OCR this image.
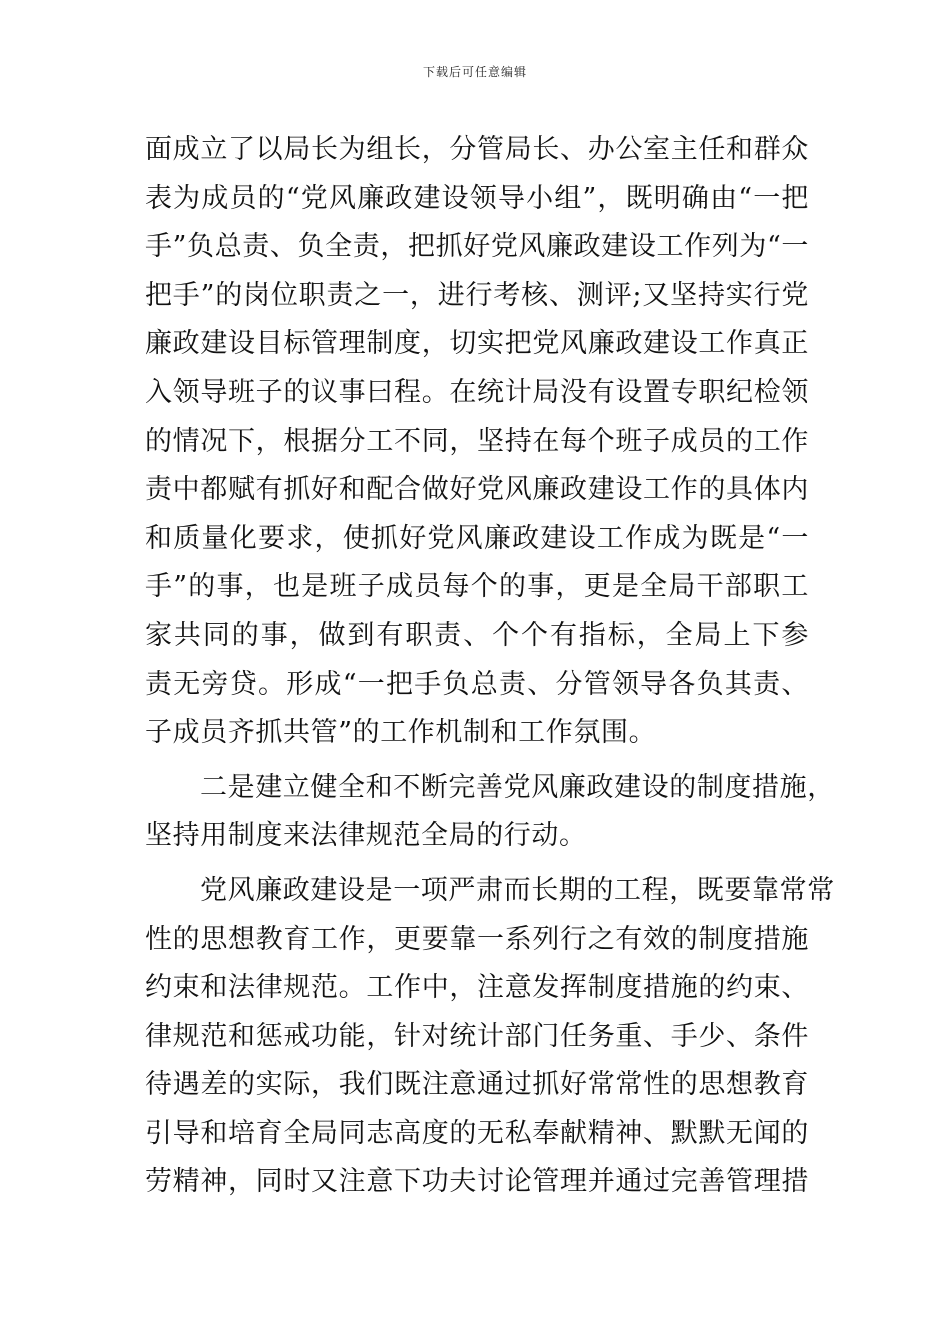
下载后可任意编辑
面成立了以局长为组长，分管局长、办公室主任和群众
表为成员的“党风廉政建设领导小组”，既明确由“一把
手”负总责、负全责，把抓好党风廉政建设工作列为“一
把手”的岗位职责之一，进行考核、测评;又坚持实行党
廉政建设目标管理制度，切实把党风廉政建设工作真正
入领导班子的议事曰程。在统计局没有设置专职纪检领
的情况下，根据分工不同，坚持在每个班子成员的工作
责中都赋有抓好和配合做好党风廉政建设工作的具体内
和质量化要求，使抓好党风廉政建设工作成为既是“一
手”的事，也是班子成员每个的事，更是全局干部职工
家共同的事，做到有职责、个个有指标，全局上下参
责无旁贷。形成“一把手负总责、分管领导各负其责、
子成员齐抓共管”的工作机制和工作氛围。
二是建立健全和不断完善党风廉政建设的制度措施，
坚持用制度来法律规范全局的行动。
党风廉政建设是一项严肃而长期的工程，既要靠常常
性的思想教育工作，更要靠一系列行之有效的制度措施
约束和法律规范。工作中，注意发挥制度措施的约束、
律规范和惩戒功能，针对统计部门任务重、手少、条件
待遇差的实际，我们既注意通过抓好常常性的思想教育
引导和培育全局同志高度的无私奉献精神、默默无闻的
劳精神，同时又注意下功夫讨论管理并通过完善管理措
